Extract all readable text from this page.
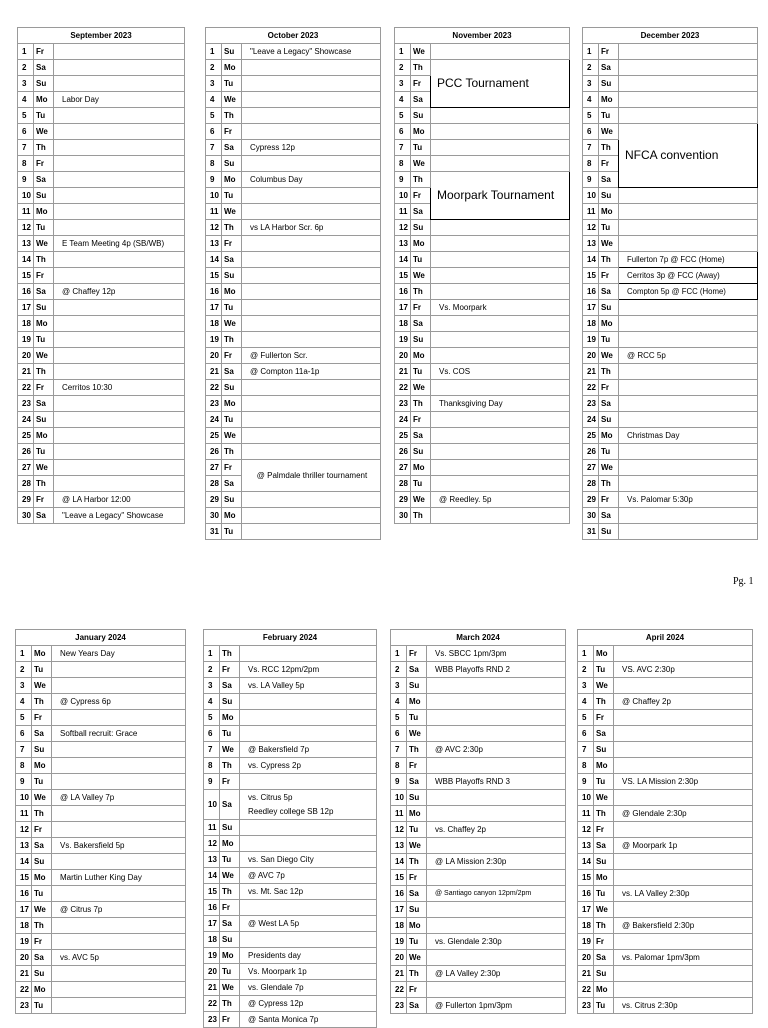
September 2023		
1	Fr	
2	Sa	
3	Su	
4	Mo	Labor Day
5	Tu	
6	We	
7	Th	
8	Fr	
9	Sa	
10	Su	
11	Mo	
12	Tu	
13	We	E Team Meeting 4p (SB/WB)
14	Th	
15	Fr	
16	Sa	@ Chaffey 12p
17	Su	
18	Mo	
19	Tu	
20	We	
21	Th	
22	Fr	Cerritos 10:30
23	Sa	
24	Su	
25	Mo	
26	Tu	
27	We	
28	Th	
29	Fr	@ LA Harbor 12:00
30	Sa	"Leave a Legacy" Showcase
October 2023		
1	Su	"Leave a Legacy" Showcase
2	Mo	
3	Tu	
4	We	
5	Th	
6	Fr	
7	Sa	Cypress 12p
8	Su	
9	Mo	Columbus Day
10	Tu	
11	We	
12	Th	vs LA Harbor Scr. 6p
13	Fr	
14	Sa	
15	Su	
16	Mo	
17	Tu	
18	We	
19	Th	
20	Fr	@ Fullerton Scr.
21	Sa	@ Compton 11a-1p
22	Su	
23	Mo	
24	Tu	
25	We	
26	Th	
27	Fr	@ Palmdale thriller tournament
28	Sa	
29	Su	
30	Mo	
31	Tu	
November 2023		
1	We	
2	Th	PCC Tournament
3	Fr	
4	Sa	
5	Su	
6	Mo	
7	Tu	
8	We	
9	Th	Moorpark Tournament
10	Fr	
11	Sa	
12	Su	
13	Mo	
14	Tu	
15	We	
16	Th	
17	Fr	Vs. Moorpark
18	Sa	
19	Su	
20	Mo	
21	Tu	Vs. COS
22	We	
23	Th	Thanksgiving Day
24	Fr	
25	Sa	
26	Su	
27	Mo	
28	Tu	
29	We	@ Reedley. 5p
30	Th	
December 2023		
1	Fr	
2	Sa	
3	Su	
4	Mo	
5	Tu	
6	We	NFCA convention
7	Th	
8	Fr	
9	Sa	
10	Su	
11	Mo	
12	Tu	
13	We	
14	Th	Fullerton 7p @ FCC (Home)
15	Fr	Cerritos 3p @ FCC (Away)
16	Sa	Compton 5p @ FCC (Home)
17	Su	
18	Mo	
19	Tu	
20	We	@ RCC 5p
21	Th	
22	Fr	
23	Sa	
24	Su	
25	Mo	Christmas Day
26	Tu	
27	We	
28	Th	
29	Fr	Vs. Palomar 5:30p
30	Sa	
31	Su	
January 2024		
1	Mo	New Years Day
2	Tu	
3	We	
4	Th	@ Cypress 6p
5	Fr	
6	Sa	Softball recruit: Grace
7	Su	
8	Mo	
9	Tu	
10	We	@ LA Valley 7p
11	Th	
12	Fr	
13	Sa	Vs. Bakersfield 5p
14	Su	
15	Mo	Martin Luther King Day
16	Tu	
17	We	@ Citrus 7p
18	Th	
19	Fr	
20	Sa	vs. AVC 5p
21	Su	
22	Mo	
23	Tu	
February 2024		
1	Th	
2	Fr	Vs. RCC 12pm/2pm
3	Sa	vs. LA Valley 5p
4	Su	
5	Mo	
6	Tu	
7	We	@ Bakersfield 7p
8	Th	vs. Cypress 2p
9	Fr	
10	Sa	vs. Citrus 5p
Reedley college SB 12p

11	Su	
12	Mo	
13	Tu	vs. San Diego City
14	We	@ AVC 7p
15	Th	vs. Mt. Sac 12p
16	Fr	
17	Sa	@ West LA 5p
18	Su	
19	Mo	Presidents day
20	Tu	Vs. Moorpark 1p
21	We	vs. Glendale 7p
22	Th	@ Cypress 12p
23	Fr	@ Santa Monica 7p
March 2024		
1	Fr	Vs. SBCC 1pm/3pm
2	Sa	WBB Playoffs RND 2
3	Su	
4	Mo	
5	Tu	
6	We	
7	Th	@ AVC 2:30p
8	Fr	
9	Sa	WBB Playoffs RND 3
10	Su	
11	Mo	
12	Tu	vs. Chaffey 2p
13	We	
14	Th	@ LA Mission 2:30p
15	Fr	
16	Sa	@ Santiago canyon 12pm/2pm
17	Su	
18	Mo	
19	Tu	vs. Glendale 2:30p
20	We	
21	Th	@ LA Valley 2:30p
22	Fr	
23	Sa	@ Fullerton 1pm/3pm
April 2024		
1	Mo	
2	Tu	VS. AVC 2:30p
3	We	
4	Th	@ Chaffey 2p
5	Fr	
6	Sa	
7	Su	
8	Mo	
9	Tu	VS. LA Mission 2:30p
10	We	
11	Th	@ Glendale 2:30p
12	Fr	
13	Sa	@ Moorpark 1p
14	Su	
15	Mo	
16	Tu	vs. LA Valley 2:30p
17	We	
18	Th	@ Bakersfield 2:30p
19	Fr	
20	Sa	vs. Palomar 1pm/3pm
21	Su	
22	Mo	
23	Tu	vs. Citrus 2:30p
Pg. 1
